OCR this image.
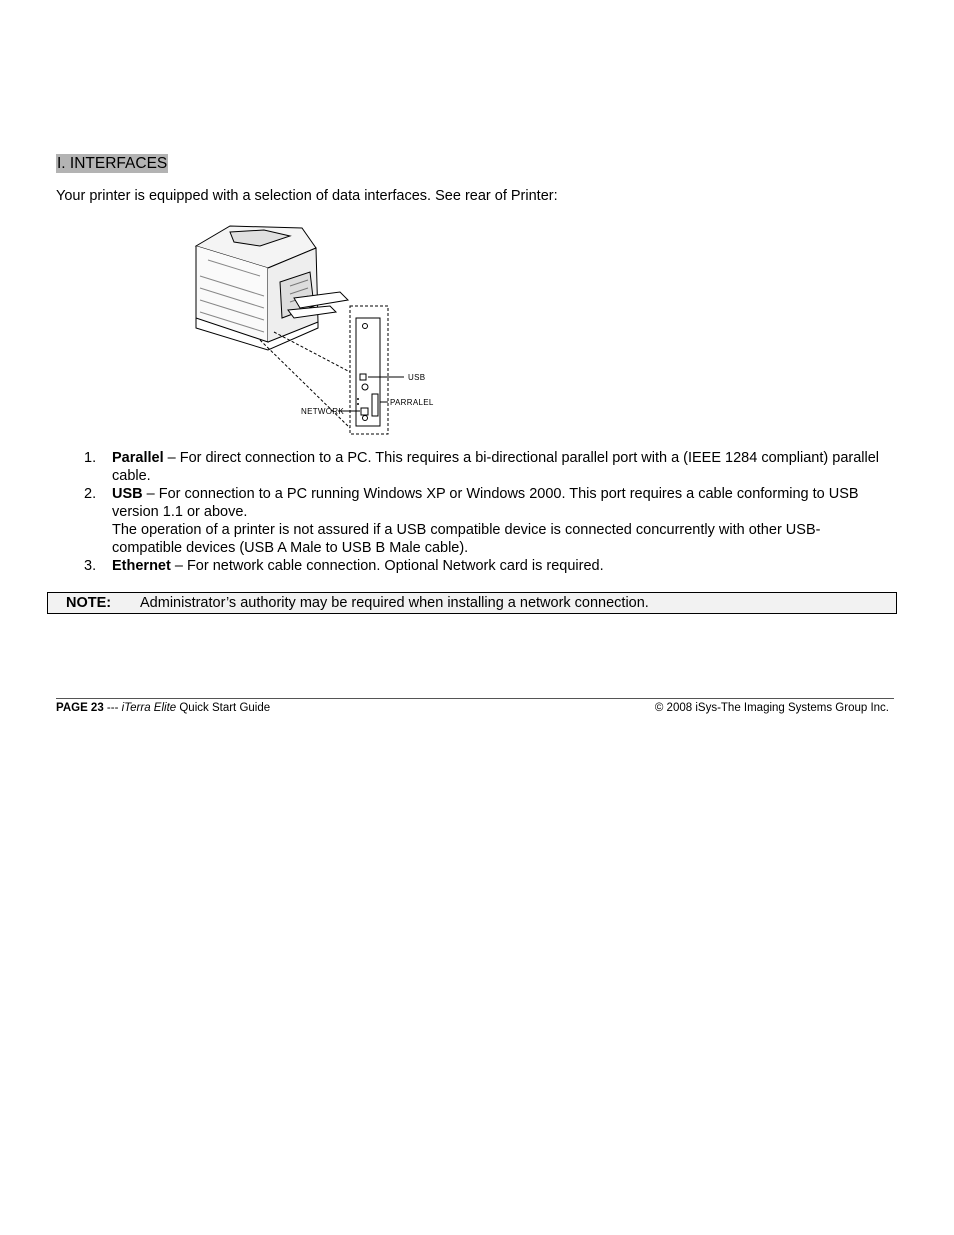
I. INTERFACES

Your printer is equipped with a selection of data interfaces. See rear of Printer:

USB
PARRALEL
NETWORK
1. Parallel – For direct connection to a PC. This requires a bi-directional parallel port with a (IEEE 1284 compliant) parallel cable.
2. USB – For connection to a PC running Windows XP or Windows 2000. This port requires a cable conforming to USB version 1.1 or above.
The operation of a printer is not assured if a USB compatible device is connected concurrently with other USB-compatible devices (USB A Male to USB B Male cable).
3. Ethernet – For network cable connection. Optional Network card is required.
NOTE: Administrator’s authority may be required when installing a network connection.
PAGE 23 --- iTerra Elite Quick Start Guide	© 2008 iSys-The Imaging Systems Group Inc.
